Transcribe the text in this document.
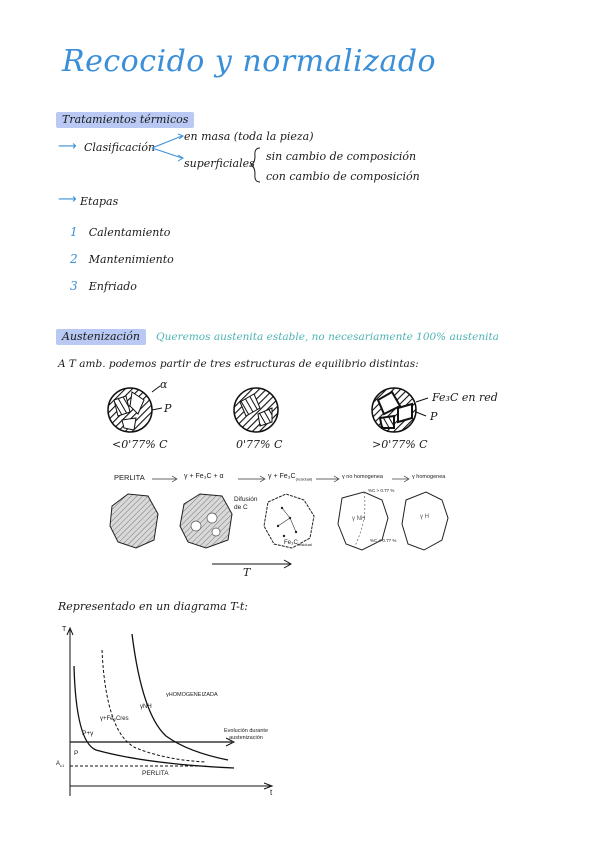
Recocido y normalizado
Tratamientos térmicos
⟶ Clasificación
en masa (toda la pieza)
superficiales
sin cambio de composición
con cambio de composición
⟶ Etapas
1 Calentamiento
2 Mantenimiento
3 Enfriado
Austenización	Queremos austenita estable, no necesariamente 100% austenita
A T amb. podemos partir de tres estructuras de equilibrio distintas:
α
P
Fe₃C en red
P
<0'77% C	0'77% C	>0'77% C
PERLITA	γ + Fe₃C + α	$\gamma + Fe_3C_{(residual)}$	γ no homogenea	γ homogenea
Difusión de C
$Fe_3C_{residual}$
%C > 0.77 %
%C < 0.77 %
γ NH	γ H
T
Representado en un diagrama T-t:
T
t
γHOMOGENEIZADA
γNH
γ+Fe₃Cres
P+γ
P
PERLITA
$A_{c1}$
Evolución durante austenización
